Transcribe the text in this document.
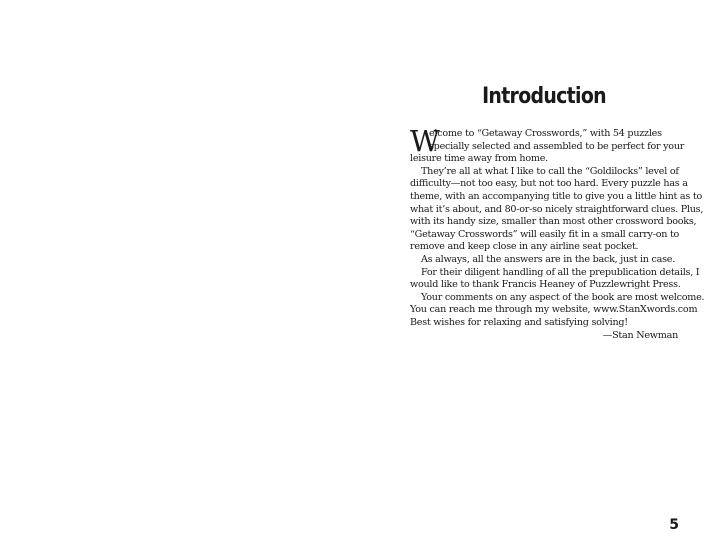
Introduction

W
elcome to “Getaway Crosswords,” with 54 puzzles

specially selected and assembled to be perfect for your

leisure time away from home.

They’re all at what I like to call the “Goldilocks” level of

difficulty—not too easy, but not too hard. Every puzzle has a

theme, with an accompanying title to give you a little hint as to

what it’s about, and 80-or-so nicely straightforward clues. Plus,

with its handy size, smaller than most other crossword books,

“Getaway Crosswords” will easily fit in a small carry-on to

remove and keep close in any airline seat pocket.

As always, all the answers are in the back, just in case.

For their diligent handling of all the prepublication details, I

would like to thank Francis Heaney of Puzzlewright Press.

Your comments on any aspect of the book are most welcome.

You can reach me through my website, www.StanXwords.com

Best wishes for relaxing and satisfying solving!

—Stan Newman

5
